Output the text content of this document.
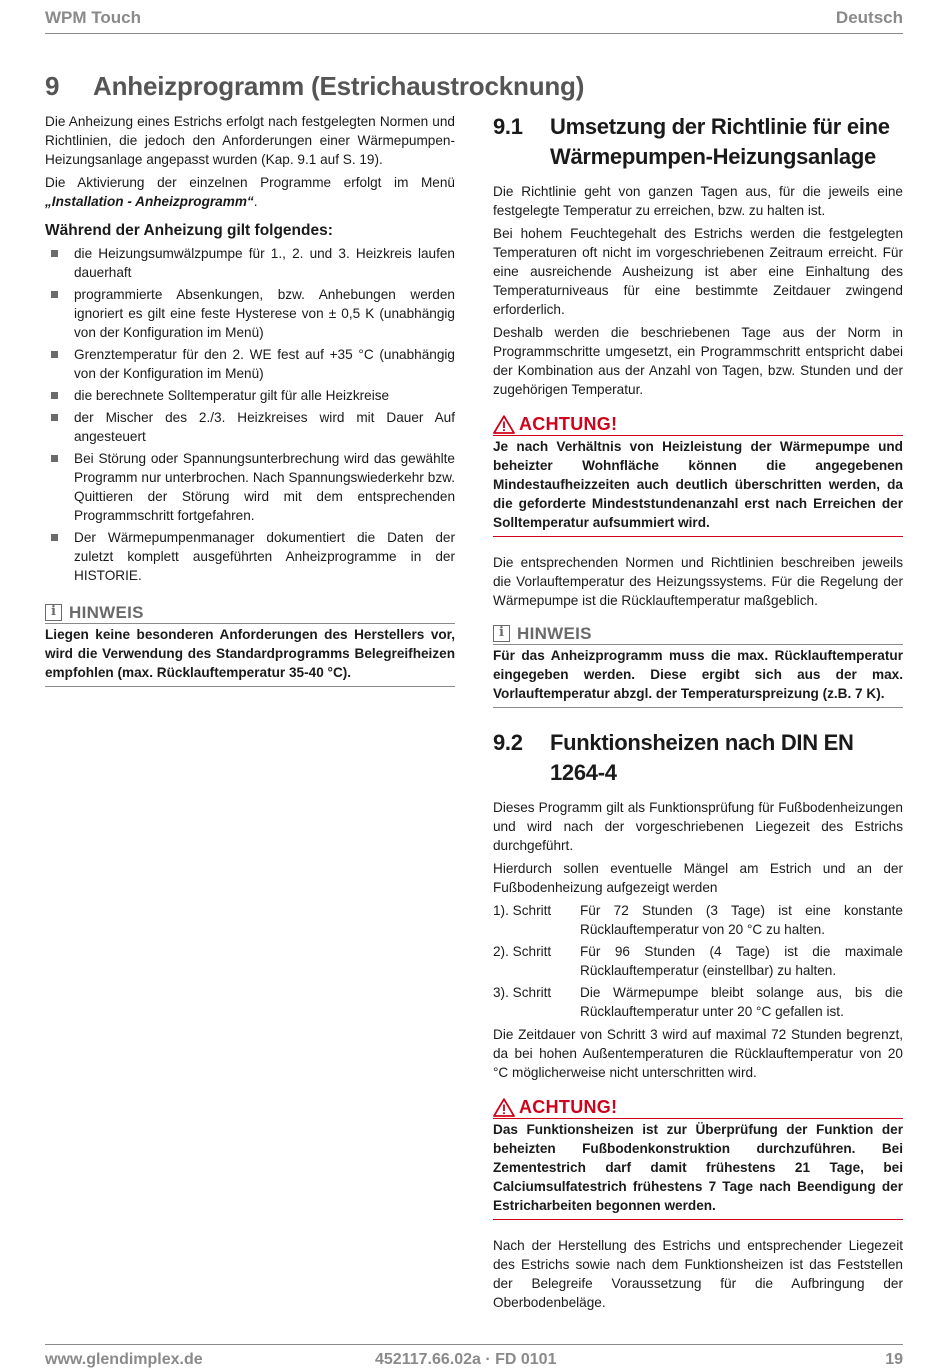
WPM Touch	Deutsch
9 Anheizprogramm (Estrichaustrocknung)

Die Anheizung eines Estrichs erfolgt nach festgelegten Normen und Richtlinien, die jedoch den Anforderungen einer Wärmepumpen-Heizungsanlage angepasst wurden (Kap. 9.1 auf S. 19).

Die Aktivierung der einzelnen Programme erfolgt im Menü „Installation - Anheizprogramm“.

Während der Anheizung gilt folgendes:
die Heizungsumwälzpumpe für 1., 2. und 3. Heizkreis laufen dauerhaft
programmierte Absenkungen, bzw. Anhebungen werden ignoriert es gilt eine feste Hysterese von ± 0,5 K (unabhängig von der Konfiguration im Menü)
Grenztemperatur für den 2. WE fest auf +35 °C (unabhängig von der Konfiguration im Menü)
die berechnete Solltemperatur gilt für alle Heizkreise
der Mischer des 2./3. Heizkreises wird mit Dauer Auf angesteuert
Bei Störung oder Spannungsunterbrechung wird das gewählte Programm nur unterbrochen. Nach Spannungswiederkehr bzw. Quittieren der Störung wird mit dem entsprechenden Programmschritt fortgefahren.
Der Wärmepumpenmanager dokumentiert die Daten der zuletzt komplett ausgeführten Anheizprogramme in der HISTORIE.
i HINWEIS
Liegen keine besonderen Anforderungen des Herstellers vor, wird die Verwendung des Standardprogramms Belegreifheizen empfohlen (max. Rücklauftemperatur 35-40 °C).
9.1	Umsetzung der Richtlinie für eine Wärmepumpen-Heizungsanlage

Die Richtlinie geht von ganzen Tagen aus, für die jeweils eine festgelegte Temperatur zu erreichen, bzw. zu halten ist.

Bei hohem Feuchtegehalt des Estrichs werden die festgelegten Temperaturen oft nicht im vorgeschriebenen Zeitraum erreicht. Für eine ausreichende Ausheizung ist aber eine Einhaltung des Temperaturniveaus für eine bestimmte Zeitdauer zwingend erforderlich.

Deshalb werden die beschriebenen Tage aus der Norm in Programmschritte umgesetzt, ein Programmschritt entspricht dabei der Kombination aus der Anzahl von Tagen, bzw. Stunden und der zugehörigen Temperatur.

ACHTUNG!
Je nach Verhältnis von Heizleistung der Wärmepumpe und beheizter Wohnfläche können die angegebenen Mindestaufheizzeiten auch deutlich überschritten werden, da die geforderte Mindeststundenanzahl erst nach Erreichen der Solltemperatur aufsummiert wird.

Die entsprechenden Normen und Richtlinien beschreiben jeweils die Vorlauftemperatur des Heizungssystems. Für die Regelung der Wärmepumpe ist die Rücklauftemperatur maßgeblich.

i HINWEIS
Für das Anheizprogramm muss die max. Rücklauftemperatur eingegeben werden. Diese ergibt sich aus der max. Vorlauftemperatur abzgl. der Temperaturspreizung (z.B. 7 K).
9.2	Funktionsheizen nach DIN EN 1264-4

Dieses Programm gilt als Funktionsprüfung für Fußbodenheizungen und wird nach der vorgeschriebenen Liegezeit des Estrichs durchgeführt.

Hierdurch sollen eventuelle Mängel am Estrich und an der Fußbodenheizung aufgezeigt werden

1). Schritt	Für 72 Stunden (3 Tage) ist eine konstante Rücklauftemperatur von 20 °C zu halten.
2). Schritt	Für 96 Stunden (4 Tage) ist die maximale Rücklauftemperatur (einstellbar) zu halten.
3). Schritt	Die Wärmepumpe bleibt solange aus, bis die Rücklauftemperatur unter 20 °C gefallen ist.

Die Zeitdauer von Schritt 3 wird auf maximal 72 Stunden begrenzt, da bei hohen Außentemperaturen die Rücklauftemperatur von 20 °C möglicherweise nicht unterschritten wird.

ACHTUNG!
Das Funktionsheizen ist zur Überprüfung der Funktion der beheizten Fußbodenkonstruktion durchzuführen. Bei Zementestrich darf damit frühestens 21 Tage, bei Calciumsulfatestrich frühestens 7 Tage nach Beendigung der Estricharbeiten begonnen werden.

Nach der Herstellung des Estrichs und entsprechender Liegezeit des Estrichs sowie nach dem Funktionsheizen ist das Feststellen der Belegreife Voraussetzung für die Aufbringung der Oberbodenbeläge.

www.glendimplex.de	452117.66.02a · FD 0101	19
